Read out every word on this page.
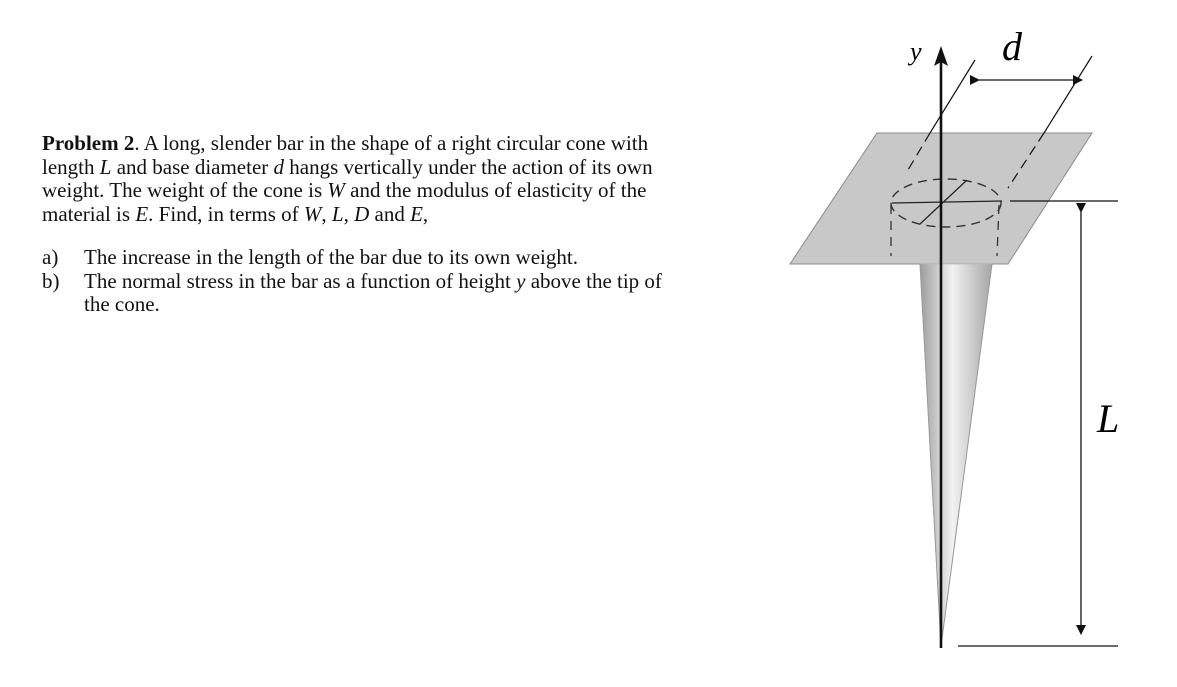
Problem 2. A long, slender bar in the shape of a right circular cone with length L and base diameter d hangs vertically under the action of its own weight. The weight of the cone is W and the modulus of elasticity of the material is E. Find, in terms of W, L, D and E,

a)	The increase in the length of the bar due to its own weight.
b)	The normal stress in the bar as a function of height y above the tip of the cone.
d
y
L
